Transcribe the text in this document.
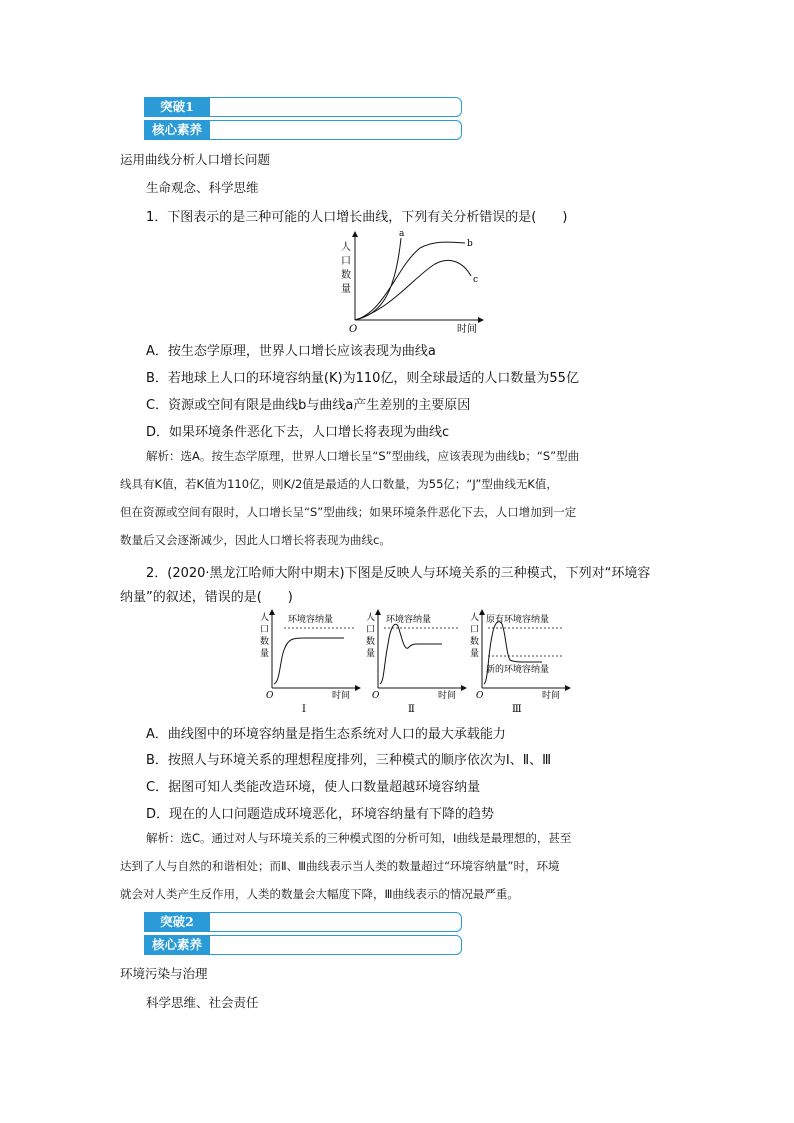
突破1
核心素养
运用曲线分析人口增长问题
生命观念、科学思维
1．下图表示的是三种可能的人口增长曲线，下列有关分析错误的是(　　)
人
口
数
量
O	时间
a
b
c
A．按生态学原理，世界人口增长应该表现为曲线a
B．若地球上人口的环境容纳量(K)为110亿，则全球最适的人口数量为55亿
C．资源或空间有限是曲线b与曲线a产生差别的主要原因
D．如果环境条件恶化下去，人口增长将表现为曲线c
解析：选A。按生态学原理，世界人口增长呈“S”型曲线，应该表现为曲线b；“S”型曲
线具有K值，若K值为110亿，则K/2值是最适的人口数量，为55亿；“J”型曲线无K值，
但在资源或空间有限时，人口增长呈“S”型曲线；如果环境条件恶化下去，人口增加到一定
数量后又会逐渐减少，因此人口增长将表现为曲线c。
2．(2020·黑龙江哈师大附中期末)下图是反映人与环境关系的三种模式，下列对“环境容
纳量”的叙述，错误的是(　　)
人
口
数
量
O	时间
环境容纳量
Ⅰ
人
口
数
量
O	时间
环境容纳量
Ⅱ
人
口
数
量
O	时间
原有环境容纳量
新的环境容纳量
Ⅲ
A．曲线图中的环境容纳量是指生态系统对人口的最大承载能力
B．按照人与环境关系的理想程度排列，三种模式的顺序依次为Ⅰ、Ⅱ、Ⅲ
C．据图可知人类能改造环境，使人口数量超越环境容纳量
D．现在的人口问题造成环境恶化，环境容纳量有下降的趋势
解析：选C。通过对人与环境关系的三种模式图的分析可知，Ⅰ曲线是最理想的，甚至
达到了人与自然的和谐相处；而Ⅱ、Ⅲ曲线表示当人类的数量超过“环境容纳量”时，环境
就会对人类产生反作用，人类的数量会大幅度下降，Ⅲ曲线表示的情况最严重。
突破2
核心素养
环境污染与治理
科学思维、社会责任
